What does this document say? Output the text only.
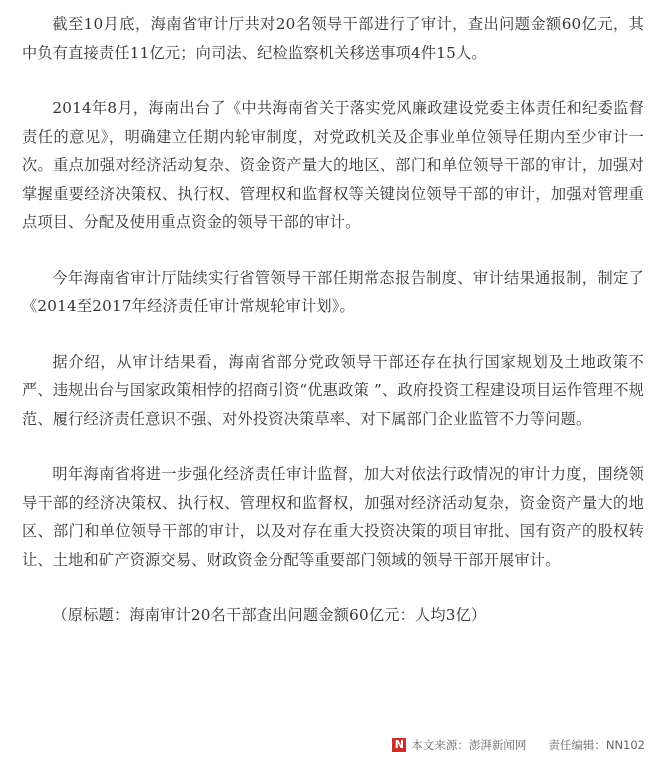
截至10月底，海南省审计厅共对20名领导干部进行了审计，查出问题金额60亿元，其中负有直接责任11亿元；向司法、纪检监察机关移送事项4件15人。

2014年8月，海南出台了《中共海南省关于落实党风廉政建设党委主体责任和纪委监督责任的意见》，明确建立任期内轮审制度，对党政机关及企事业单位领导任期内至少审计一次。重点加强对经济活动复杂、资金资产量大的地区、部门和单位领导干部的审计，加强对掌握重要经济决策权、执行权、管理权和监督权等关键岗位领导干部的审计，加强对管理重点项目、分配及使用重点资金的领导干部的审计。

今年海南省审计厅陆续实行省管领导干部任期常态报告制度、审计结果通报制，制定了《2014至2017年经济责任审计常规轮审计划》。

据介绍，从审计结果看，海南省部分党政领导干部还存在执行国家规划及土地政策不严、违规出台与国家政策相悖的招商引资“优惠政策 ”、政府投资工程建设项目运作管理不规范、履行经济责任意识不强、对外投资决策草率、对下属部门企业监管不力等问题。

明年海南省将进一步强化经济责任审计监督，加大对依法行政情况的审计力度，围绕领导干部的经济决策权、执行权、管理权和监督权，加强对经济活动复杂，资金资产量大的地区、部门和单位领导干部的审计，以及对存在重大投资决策的项目审批、国有资产的股权转让、土地和矿产资源交易、财政资金分配等重要部门领域的领导干部开展审计。

（原标题：海南审计20名干部查出问题金额60亿元：人均3亿）

N 本文来源：澎湃新闻网 责任编辑：NN102
